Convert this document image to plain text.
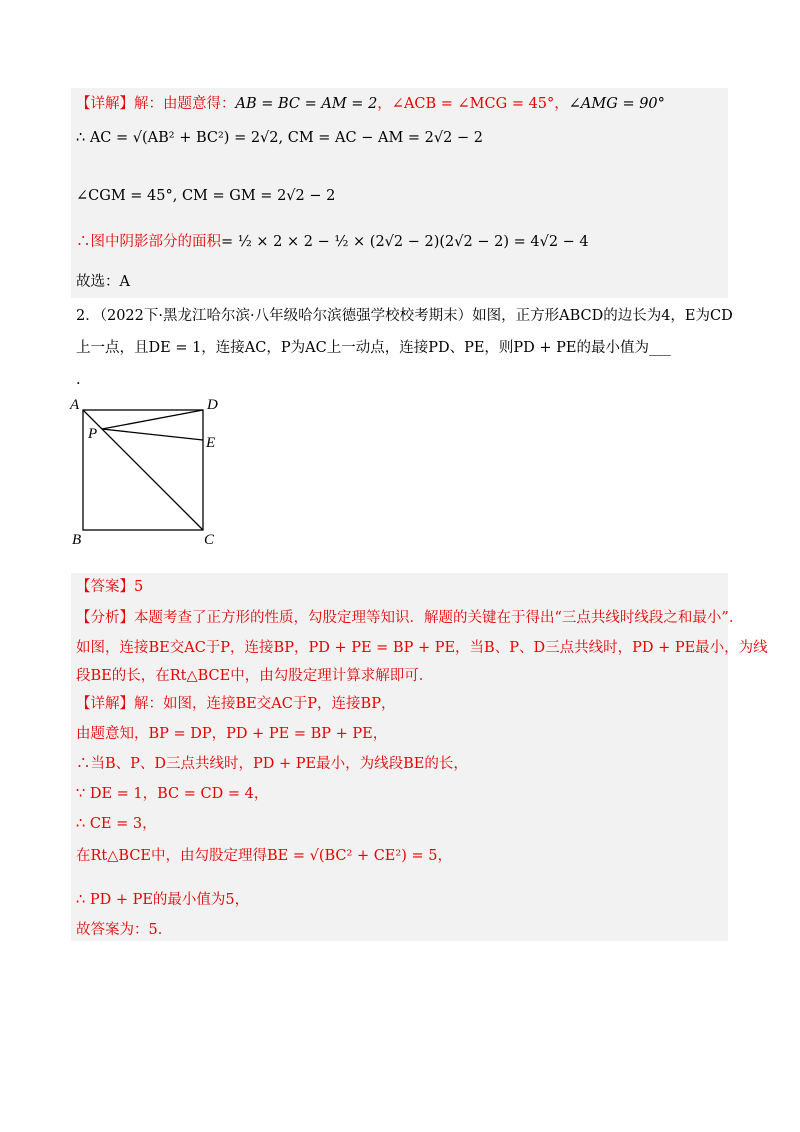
【详解】解：由题意得：AB = BC = AM = 2，∠ACB = ∠MCG = 45°，∠AMG = 90°
∴ AC = √(AB² + BC²) = 2√2, CM = AC − AM = 2√2 − 2
∠CGM = 45°, CM = GM = 2√2 − 2
∴图中阴影部分的面积= ½ × 2 × 2 − ½ × (2√2 − 2)(2√2 − 2) = 4√2 − 4
故选：A
2．（2022下·黑龙江哈尔滨·八年级哈尔滨德强学校校考期末）如图，正方形ABCD的边长为4，E为CD
上一点，且DE = 1，连接AC，P为AC上一动点，连接PD、PE，则PD + PE的最小值为___
.
A	D
E
P
B	C
【答案】5
【分析】本题考查了正方形的性质，勾股定理等知识．解题的关键在于得出“三点共线时线段之和最小”．
如图，连接BE交AC于P，连接BP，PD + PE = BP + PE，当B、P、D三点共线时，PD + PE最小，为线
段BE的长，在Rt△BCE中，由勾股定理计算求解即可．
【详解】解：如图，连接BE交AC于P，连接BP，
由题意知，BP = DP，PD + PE = BP + PE，
∴当B、P、D三点共线时，PD + PE最小，为线段BE的长，
∵ DE = 1，BC = CD = 4，
∴ CE = 3，
在Rt△BCE中，由勾股定理得BE = √(BC² + CE²) = 5，
∴ PD + PE的最小值为5，
故答案为：5．
